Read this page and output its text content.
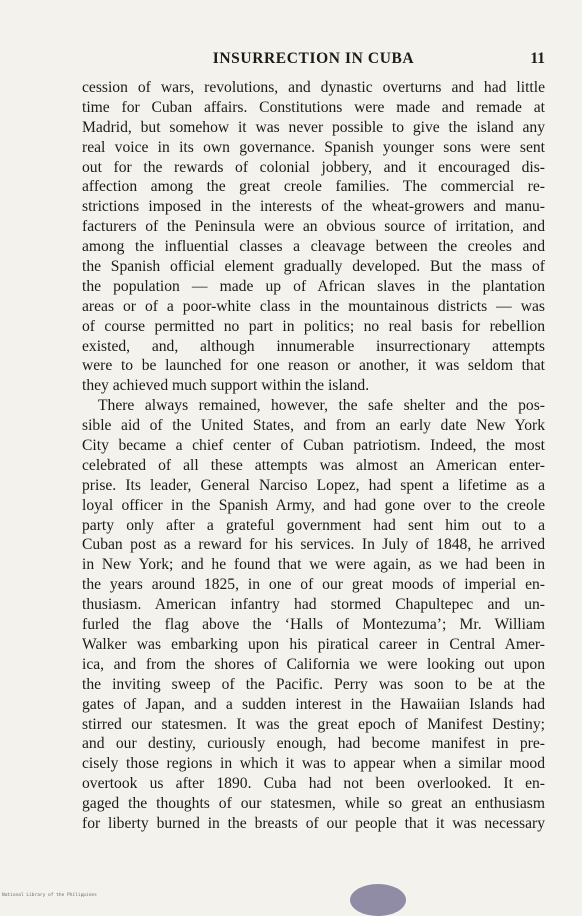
INSURRECTION IN CUBA	11
cession of wars, revolutions, and dynastic overturns and had little
time for Cuban affairs. Constitutions were made and remade at
Madrid, but somehow it was never possible to give the island any
real voice in its own governance. Spanish younger sons were sent
out for the rewards of colonial jobbery, and it encouraged dis-
affection among the great creole families. The commercial re-
strictions imposed in the interests of the wheat-growers and manu-
facturers of the Peninsula were an obvious source of irritation, and
among the influential classes a cleavage between the creoles and
the Spanish official element gradually developed. But the mass of
the population — made up of African slaves in the plantation
areas or of a poor-white class in the mountainous districts — was
of course permitted no part in politics; no real basis for rebellion
existed, and, although innumerable insurrectionary attempts
were to be launched for one reason or another, it was seldom that
they achieved much support within the island.
There always remained, however, the safe shelter and the pos-
sible aid of the United States, and from an early date New York
City became a chief center of Cuban patriotism. Indeed, the most
celebrated of all these attempts was almost an American enter-
prise. Its leader, General Narciso Lopez, had spent a lifetime as a
loyal officer in the Spanish Army, and had gone over to the creole
party only after a grateful government had sent him out to a
Cuban post as a reward for his services. In July of 1848, he arrived
in New York; and he found that we were again, as we had been in
the years around 1825, in one of our great moods of imperial en-
thusiasm. American infantry had stormed Chapultepec and un-
furled the flag above the ‘Halls of Montezuma’; Mr. William
Walker was embarking upon his piratical career in Central Amer-
ica, and from the shores of California we were looking out upon
the inviting sweep of the Pacific. Perry was soon to be at the
gates of Japan, and a sudden interest in the Hawaiian Islands had
stirred our statesmen. It was the great epoch of Manifest Destiny;
and our destiny, curiously enough, had become manifest in pre-
cisely those regions in which it was to appear when a similar mood
overtook us after 1890. Cuba had not been overlooked. It en-
gaged the thoughts of our statesmen, while so great an enthusiasm
for liberty burned in the breasts of our people that it was necessary
National Library of the Philippines
